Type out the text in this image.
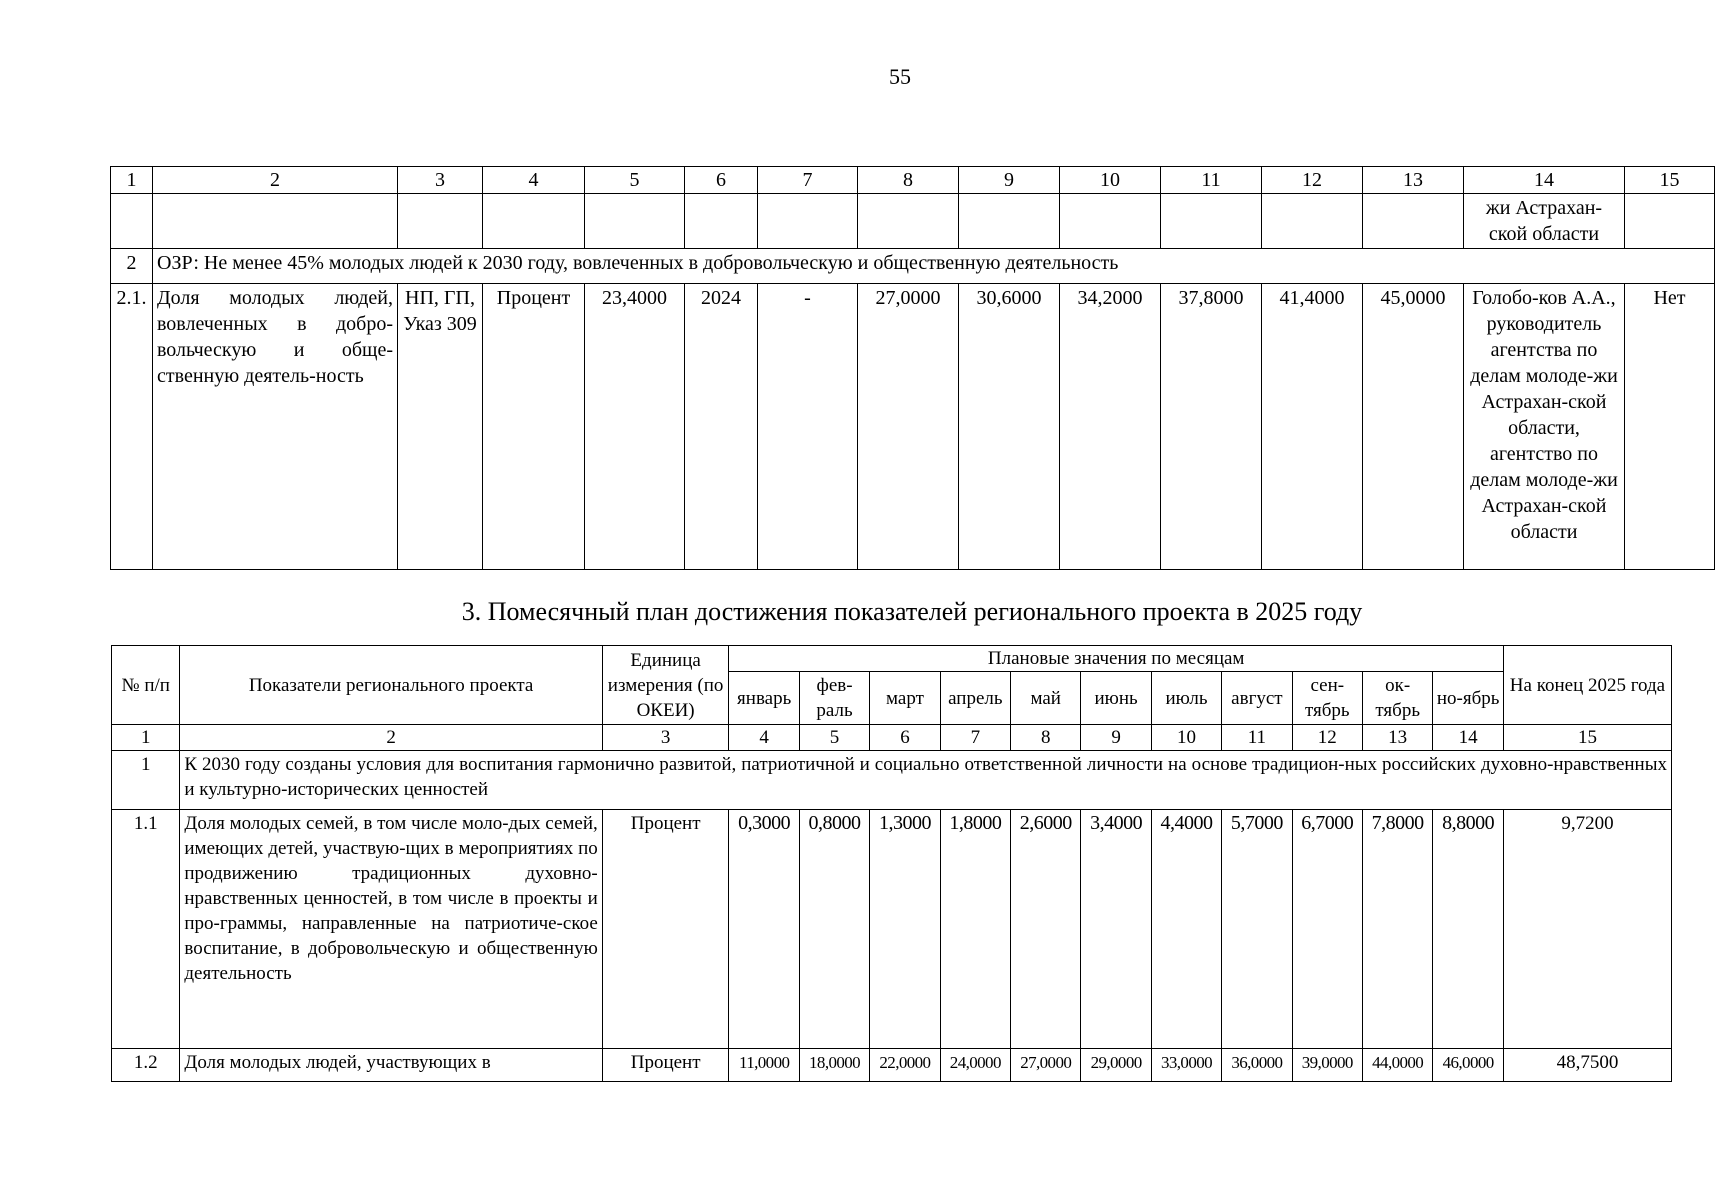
55
1	2	3	4	5	6	7	8	9	10	11	12	13	14	15
													жи Астрахан-ской области	
2	ОЗР: Не менее 45% молодых людей к 2030 году, вовлеченных в добровольческую и общественную деятельность													
2.1.	Доля молодых людей, вовлеченных в добро-вольческую и обще-ственную деятель-ность	НП, ГП, Указ 309	Процент	23,4000	2024	-	27,0000	30,6000	34,2000	37,8000	41,4000	45,0000	Голобо-ков А.А., руководитель агентства по делам молоде-жи Астрахан-ской области, агентство по делам молоде-жи Астрахан-ской области	Нет
3. Помесячный план достижения показателей регионального проекта в 2025 году
№ п/п	Показатели регионального проекта	Единица измерения (по ОКЕИ)	Плановые значения по месяцам											На конец 2025 года
			январь	фев-раль	март	апрель	май	июнь	июль	август	сен-тябрь	ок-тябрь	но-ябрь	
1	2	3	4	5	6	7	8	9	10	11	12	13	14	15
1	К 2030 году созданы условия для воспитания гармонично развитой, патриотичной и социально ответственной личности на основе традицион-ных российских духовно-нравственных и культурно-исторических ценностей													
1.1	Доля молодых семей, в том числе моло-дых семей, имеющих детей, участвую-щих в мероприятиях по продвижению традиционных духовно-нравственных ценностей, в том числе в проекты и про-граммы, направленные на патриотиче-ское воспитание, в добровольческую и общественную деятельность	Процент	0,3000	0,8000	1,3000	1,8000	2,6000	3,4000	4,4000	5,7000	6,7000	7,8000	8,8000	9,7200
1.2	Доля молодых людей, участвующих в	Процент	11,0000	18,0000	22,0000	24,0000	27,0000	29,0000	33,0000	36,0000	39,0000	44,0000	46,0000	48,7500
